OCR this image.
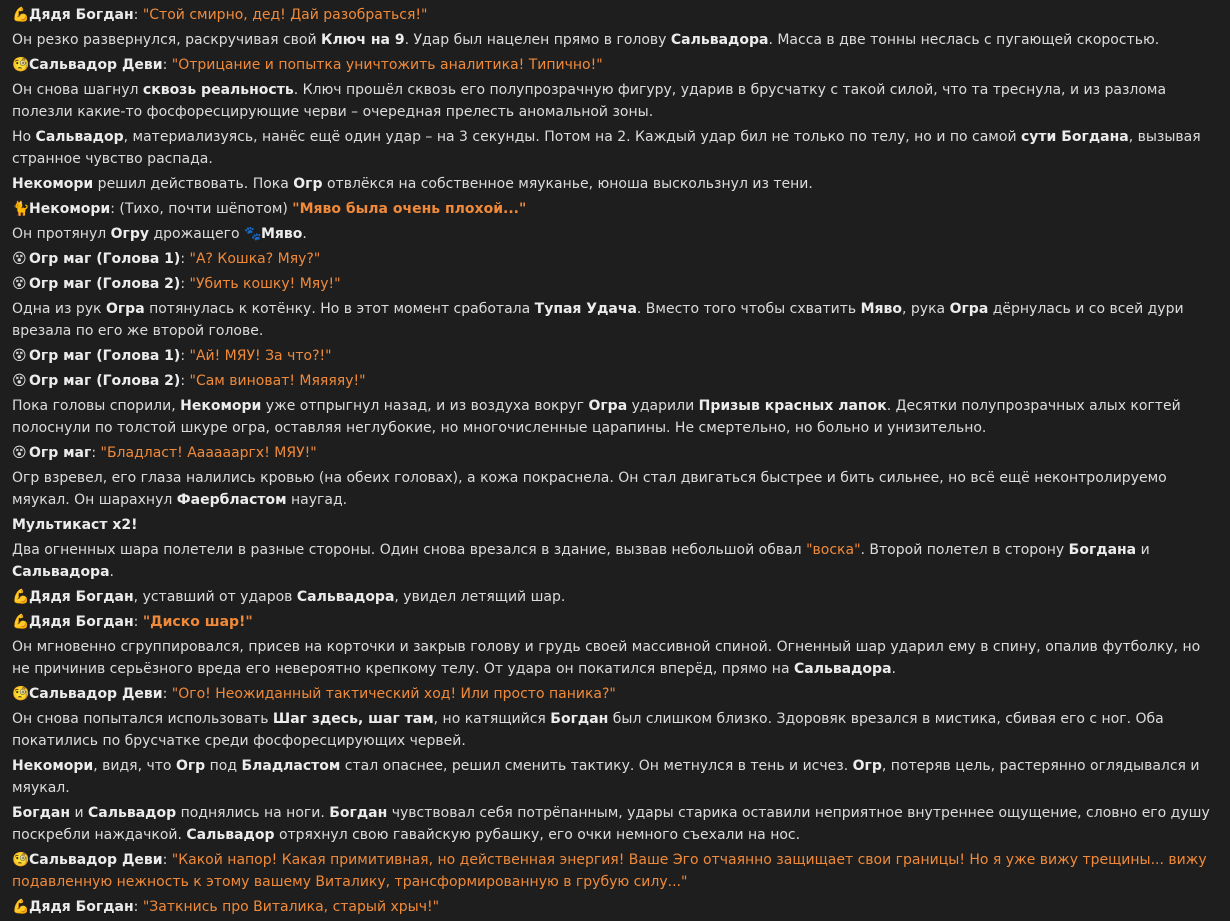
💪Дядя Богдан: "Стой смирно, дед! Дай разобраться!"
Он резко развернулся, раскручивая свой Ключ на 9. Удар был нацелен прямо в голову Сальвадора. Масса в две тонны неслась с пугающей скоростью.
🧐Сальвадор Деви: "Отрицание и попытка уничтожить аналитика! Типично!"
Он снова шагнул сквозь реальность. Ключ прошёл сквозь его полупрозрачную фигуру, ударив в брусчатку с такой силой, что та треснула, и из разлома полезли какие-то фосфоресцирующие черви – очередная прелесть аномальной зоны.
Но Сальвадор, материализуясь, нанёс ещё один удар – на 3 секунды. Потом на 2. Каждый удар бил не только по телу, но и по самой сути Богдана, вызывая странное чувство распада.
Некомори решил действовать. Пока Огр отвлёкся на собственное мяуканье, юноша выскользнул из тени.
🐈Некомори: (Тихо, почти шёпотом) "Мяво была очень плохой..."
Он протянул Огру дрожащего 🐾Мяво.
😵 Огр маг (Голова 1): "А? Кошка? Мяу?"
😵 Огр маг (Голова 2): "Убить кошку! Мяу!"
Одна из рук Огра потянулась к котёнку. Но в этот момент сработала Тупая Удача. Вместо того чтобы схватить Мяво, рука Огра дёрнулась и со всей дури врезала по его же второй голове.
😵 Огр маг (Голова 1): "Ай! МЯУ! За что?!"
😵 Огр маг (Голова 2): "Сам виноват! Мяяяяу!"
Пока головы спорили, Некомори уже отпрыгнул назад, и из воздуха вокруг Огра ударили Призыв красных лапок. Десятки полупрозрачных алых когтей полоснули по толстой шкуре огра, оставляя неглубокие, но многочисленные царапины. Не смертельно, но больно и унизительно.
😵 Огр маг: "Бладласт! Ааааааргх! МЯУ!"
Огр взревел, его глаза налились кровью (на обеих головах), а кожа покраснела. Он стал двигаться быстрее и бить сильнее, но всё ещё неконтролируемо мяукал. Он шарахнул Фаербластом наугад.
Мультикаст x2!
Два огненных шара полетели в разные стороны. Один снова врезался в здание, вызвав небольшой обвал "воска". Второй полетел в сторону Богдана и Сальвадора.
💪Дядя Богдан, уставший от ударов Сальвадора, увидел летящий шар.
💪Дядя Богдан: "Диско шар!"
Он мгновенно сгруппировался, присев на корточки и закрыв голову и грудь своей массивной спиной. Огненный шар ударил ему в спину, опалив футболку, но не причинив серьёзного вреда его невероятно крепкому телу. От удара он покатился вперёд, прямо на Сальвадора.
🧐Сальвадор Деви: "Ого! Неожиданный тактический ход! Или просто паника?"
Он снова попытался использовать Шаг здесь, шаг там, но катящийся Богдан был слишком близко. Здоровяк врезался в мистика, сбивая его с ног. Оба покатились по брусчатке среди фосфоресцирующих червей.
Некомори, видя, что Огр под Бладластом стал опаснее, решил сменить тактику. Он метнулся в тень и исчез. Огр, потеряв цель, растерянно оглядывался и мяукал.
Богдан и Сальвадор поднялись на ноги. Богдан чувствовал себя потрёпанным, удары старика оставили неприятное внутреннее ощущение, словно его душу поскребли наждачкой. Сальвадор отряхнул свою гавайскую рубашку, его очки немного съехали на нос.
🧐Сальвадор Деви: "Какой напор! Какая примитивная, но действенная энергия! Ваше Эго отчаянно защищает свои границы! Но я уже вижу трещины... вижу подавленную нежность к этому вашему Виталику, трансформированную в грубую силу..."
💪Дядя Богдан: "Заткнись про Виталика, старый хрыч!"
